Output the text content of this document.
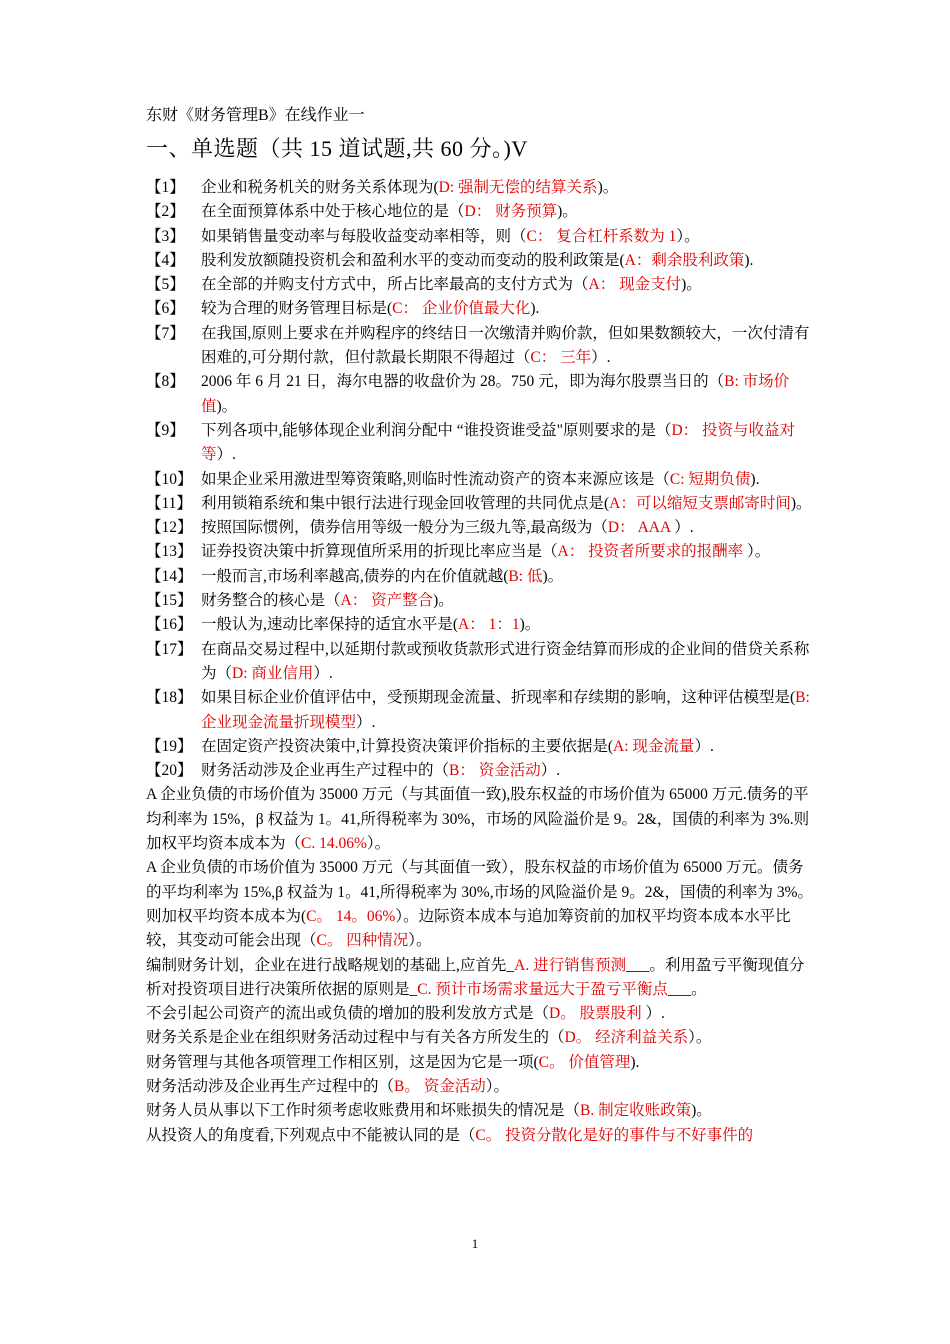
东财《财务管理B》在线作业一
一、单选题（共 15 道试题,共 60 分。)V
【1】	企业和税务机关的财务关系体现为(D: 强制无偿的结算关系)。
【2】	在全面预算体系中处于核心地位的是（D： 财务预算)。
【3】	如果销售量变动率与每股收益变动率相等，则（C： 复合杠杆系数为 1）。
【4】	股利发放额随投资机会和盈利水平的变动而变动的股利政策是(A：剩余股利政策).
【5】	在全部的并购支付方式中，所占比率最高的支付方式为（A： 现金支付)。
【6】	较为合理的财务管理目标是(C： 企业价值最大化).
【7】	在我国,原则上要求在并购程序的终结日一次缴清并购价款，但如果数额较大，一次付清有困难的,可分期付款，但付款最长期限不得超过（C： 三年）.
【8】	2006 年 6 月 21 日，海尔电器的收盘价为 28。750 元，即为海尔股票当日的（B: 市场价值)。
【9】	下列各项中,能够体现企业利润分配中 “谁投资谁受益"原则要求的是（D： 投资与收益对等）.
【10】 如果企业采用激进型筹资策略,则临时性流动资产的资本来源应该是（C: 短期负债).
【11】 利用锁箱系统和集中银行法进行现金回收管理的共同优点是(A：可以缩短支票邮寄时间)。
【12】 按照国际惯例，债券信用等级一般分为三级九等,最高级为（D： AAA ）.
【13】 证券投资决策中折算现值所采用的折现比率应当是（A： 投资者所要求的报酬率 ）。
【14】 一般而言,市场利率越高,债券的内在价值就越(B: 低)。
【15】 财务整合的核心是（A： 资产整合)。
【16】 一般认为,速动比率保持的适宜水平是(A： 1：1)。
【17】 在商品交易过程中,以延期付款或预收货款形式进行资金结算而形成的企业间的借贷关系称为（D: 商业信用）.
【18】 如果目标企业价值评估中，受预期现金流量、折现率和存续期的影响，这种评估模型是(B: 企业现金流量折现模型）.
【19】 在固定资产投资决策中,计算投资决策评价指标的主要依据是(A: 现金流量）.
【20】 财务活动涉及企业再生产过程中的（B： 资金活动）.
A 企业负债的市场价值为 35000 万元（与其面值一致),股东权益的市场价值为 65000 万元.债务的平均利率为 15%，β 权益为 1。41,所得税率为 30%，市场的风险溢价是 9。2&，国债的利率为 3%.则加权平均资本成本为（C. 14.06%）。
A 企业负债的市场价值为 35000 万元（与其面值一致），股东权益的市场价值为 65000 万元。债务的平均利率为 15%,β 权益为 1。41,所得税率为 30%,市场的风险溢价是 9。2&，国债的利率为 3%。则加权平均资本成本为(C。 14。06%）。边际资本成本与追加筹资前的加权平均资本成本水平比较，其变动可能会出现（C。 四种情况）。
编制财务计划，企业在进行战略规划的基础上,应首先_A. 进行销售预测___。利用盈亏平衡现值分析对投资项目进行决策所依据的原则是_C. 预计市场需求量远大于盈亏平衡点___。
不会引起公司资产的流出或负债的增加的股利发放方式是（D。 股票股利 ）.
财务关系是企业在组织财务活动过程中与有关各方所发生的（D。 经济利益关系）。
财务管理与其他各项管理工作相区别，这是因为它是一项(C。 价值管理).
财务活动涉及企业再生产过程中的（B。 资金活动）。
财务人员从事以下工作时须考虑收账费用和坏账损失的情况是（B. 制定收账政策)。
从投资人的角度看,下列观点中不能被认同的是（C。 投资分散化是好的事件与不好事件的
1
